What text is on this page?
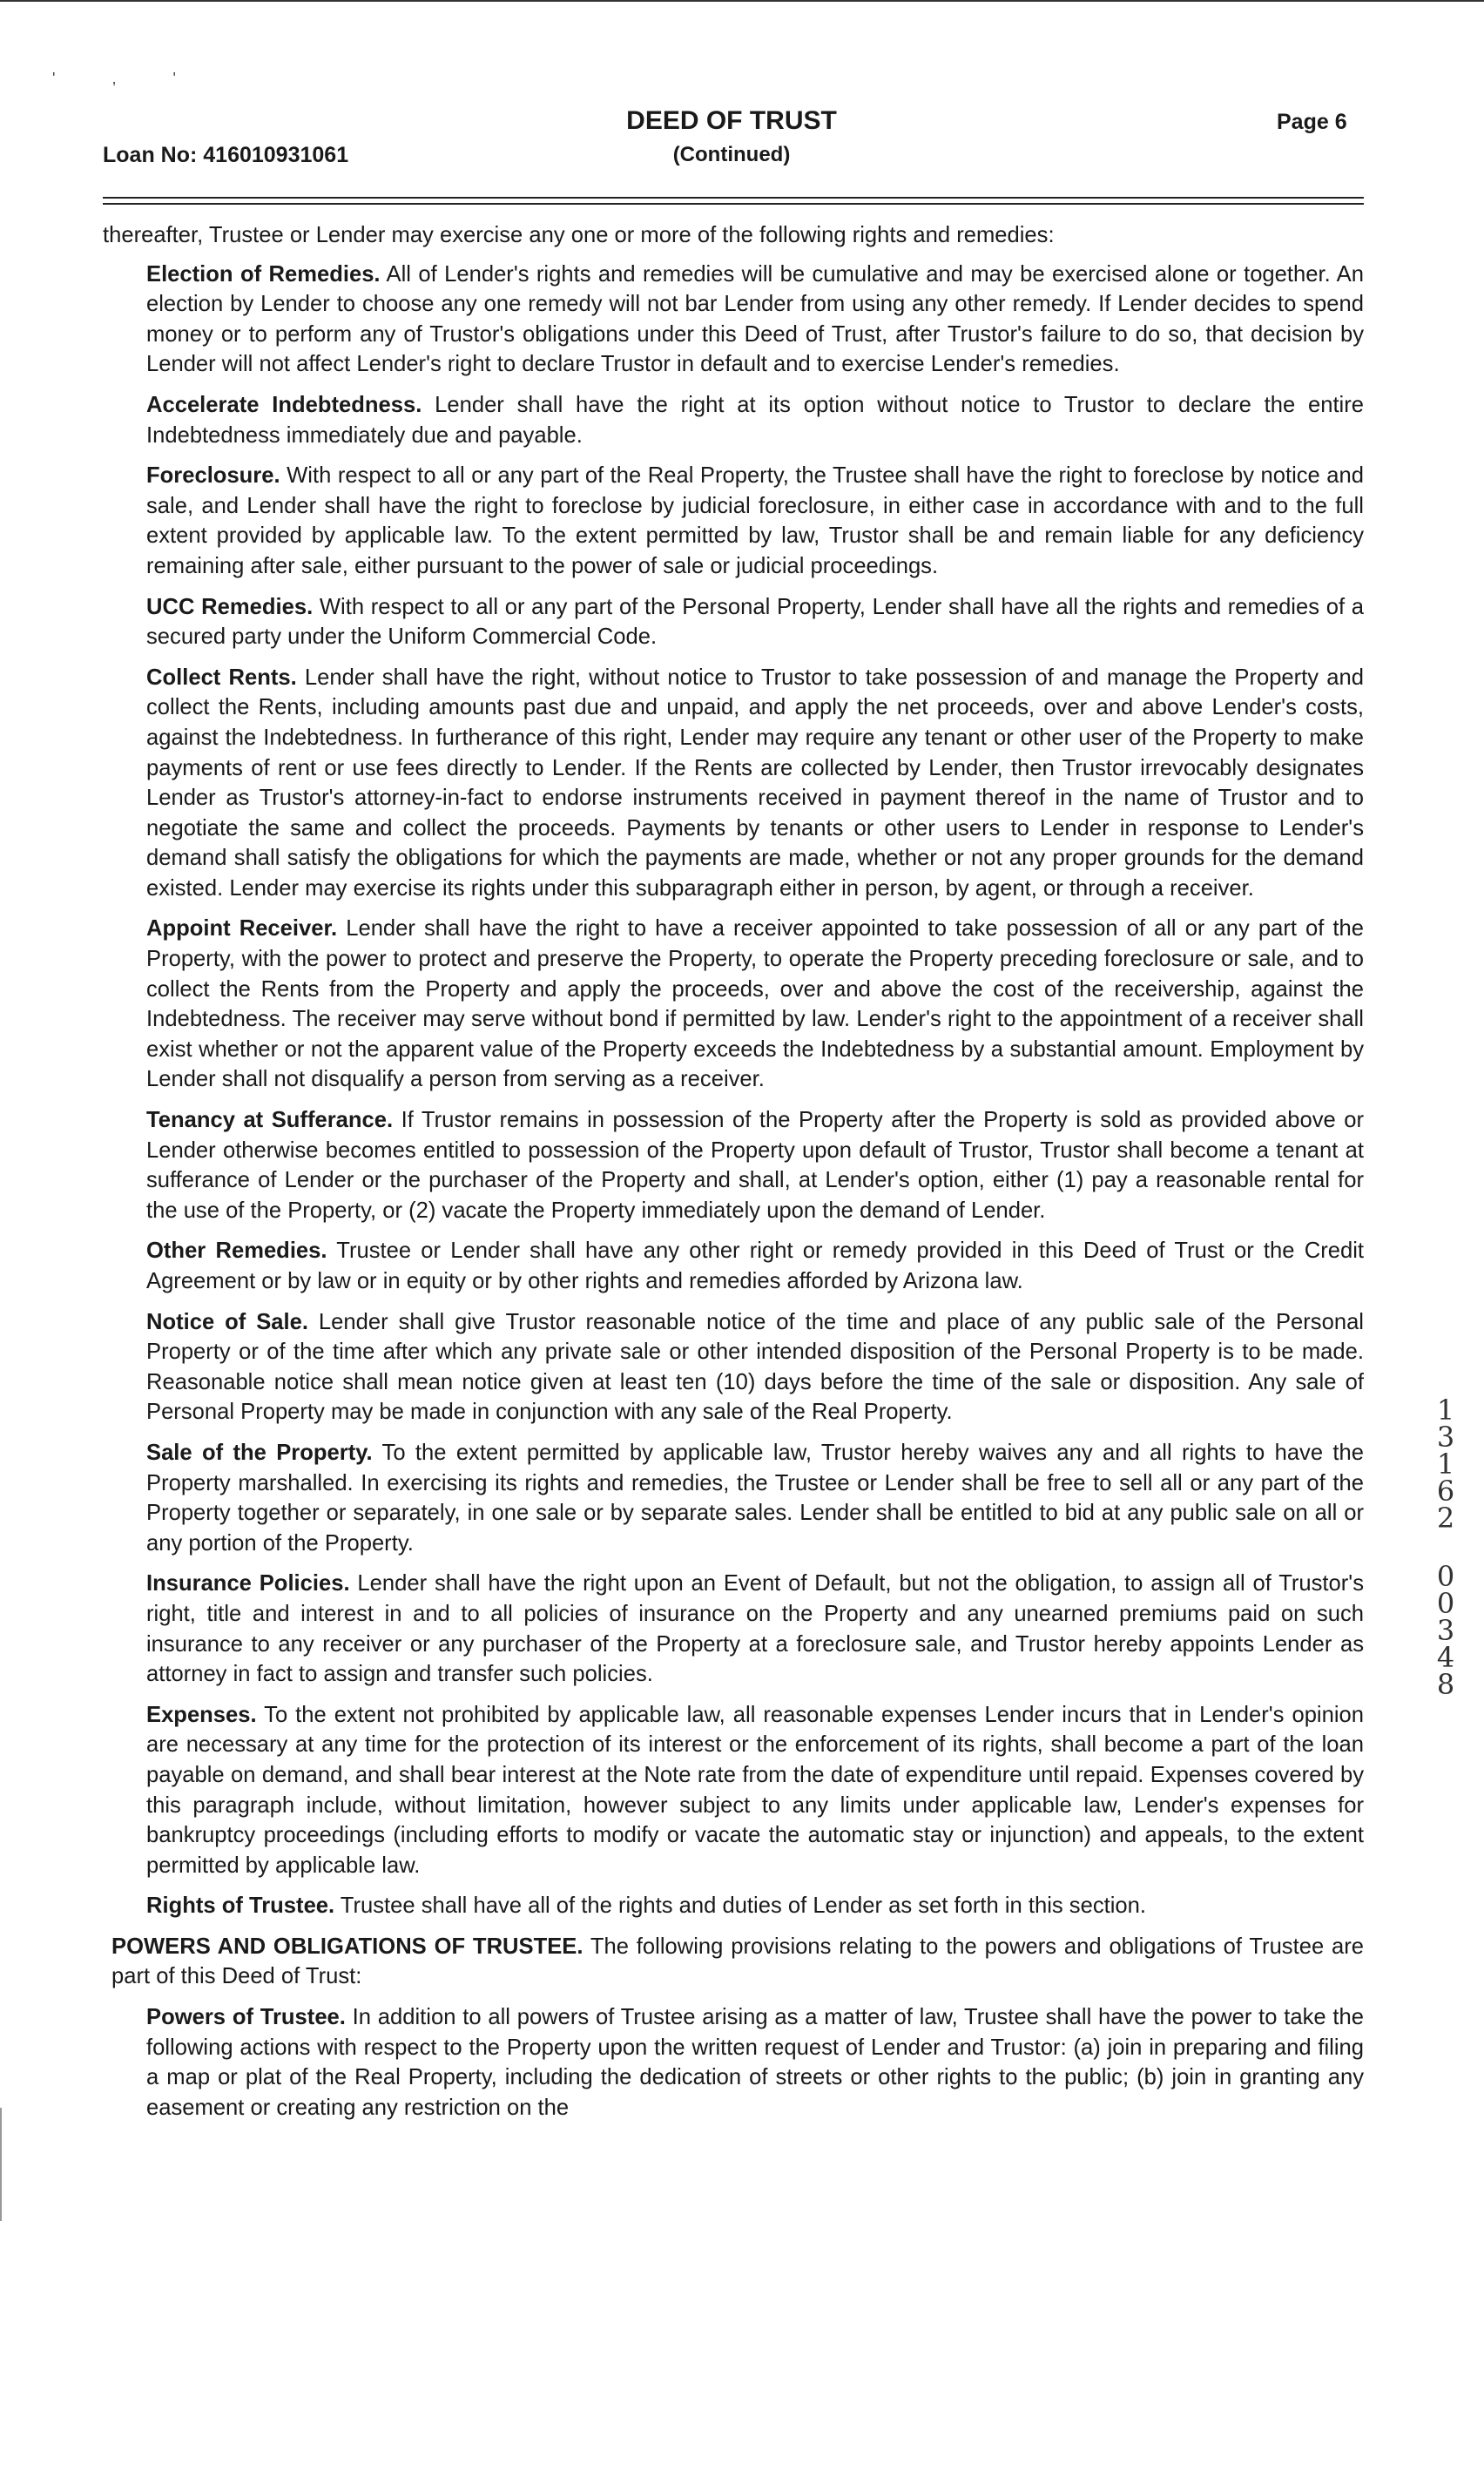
' , '
Loan No: 416010931061
DEED OF TRUST
(Continued)
Page 6

thereafter, Trustee or Lender may exercise any one or more of the following rights and remedies:

Election of Remedies. All of Lender's rights and remedies will be cumulative and may be exercised alone or together. An election by Lender to choose any one remedy will not bar Lender from using any other remedy. If Lender decides to spend money or to perform any of Trustor's obligations under this Deed of Trust, after Trustor's failure to do so, that decision by Lender will not affect Lender's right to declare Trustor in default and to exercise Lender's remedies.

Accelerate Indebtedness. Lender shall have the right at its option without notice to Trustor to declare the entire Indebtedness immediately due and payable.

Foreclosure. With respect to all or any part of the Real Property, the Trustee shall have the right to foreclose by notice and sale, and Lender shall have the right to foreclose by judicial foreclosure, in either case in accordance with and to the full extent provided by applicable law. To the extent permitted by law, Trustor shall be and remain liable for any deficiency remaining after sale, either pursuant to the power of sale or judicial proceedings.

UCC Remedies. With respect to all or any part of the Personal Property, Lender shall have all the rights and remedies of a secured party under the Uniform Commercial Code.

Collect Rents. Lender shall have the right, without notice to Trustor to take possession of and manage the Property and collect the Rents, including amounts past due and unpaid, and apply the net proceeds, over and above Lender's costs, against the Indebtedness. In furtherance of this right, Lender may require any tenant or other user of the Property to make payments of rent or use fees directly to Lender. If the Rents are collected by Lender, then Trustor irrevocably designates Lender as Trustor's attorney-in-fact to endorse instruments received in payment thereof in the name of Trustor and to negotiate the same and collect the proceeds. Payments by tenants or other users to Lender in response to Lender's demand shall satisfy the obligations for which the payments are made, whether or not any proper grounds for the demand existed. Lender may exercise its rights under this subparagraph either in person, by agent, or through a receiver.

Appoint Receiver. Lender shall have the right to have a receiver appointed to take possession of all or any part of the Property, with the power to protect and preserve the Property, to operate the Property preceding foreclosure or sale, and to collect the Rents from the Property and apply the proceeds, over and above the cost of the receivership, against the Indebtedness. The receiver may serve without bond if permitted by law. Lender's right to the appointment of a receiver shall exist whether or not the apparent value of the Property exceeds the Indebtedness by a substantial amount. Employment by Lender shall not disqualify a person from serving as a receiver.

Tenancy at Sufferance. If Trustor remains in possession of the Property after the Property is sold as provided above or Lender otherwise becomes entitled to possession of the Property upon default of Trustor, Trustor shall become a tenant at sufferance of Lender or the purchaser of the Property and shall, at Lender's option, either (1) pay a reasonable rental for the use of the Property, or (2) vacate the Property immediately upon the demand of Lender.

Other Remedies. Trustee or Lender shall have any other right or remedy provided in this Deed of Trust or the Credit Agreement or by law or in equity or by other rights and remedies afforded by Arizona law.

Notice of Sale. Lender shall give Trustor reasonable notice of the time and place of any public sale of the Personal Property or of the time after which any private sale or other intended disposition of the Personal Property is to be made. Reasonable notice shall mean notice given at least ten (10) days before the time of the sale or disposition. Any sale of Personal Property may be made in conjunction with any sale of the Real Property.

Sale of the Property. To the extent permitted by applicable law, Trustor hereby waives any and all rights to have the Property marshalled. In exercising its rights and remedies, the Trustee or Lender shall be free to sell all or any part of the Property together or separately, in one sale or by separate sales. Lender shall be entitled to bid at any public sale on all or any portion of the Property.

Insurance Policies. Lender shall have the right upon an Event of Default, but not the obligation, to assign all of Trustor's right, title and interest in and to all policies of insurance on the Property and any unearned premiums paid on such insurance to any receiver or any purchaser of the Property at a foreclosure sale, and Trustor hereby appoints Lender as attorney in fact to assign and transfer such policies.

Expenses. To the extent not prohibited by applicable law, all reasonable expenses Lender incurs that in Lender's opinion are necessary at any time for the protection of its interest or the enforcement of its rights, shall become a part of the loan payable on demand, and shall bear interest at the Note rate from the date of expenditure until repaid. Expenses covered by this paragraph include, without limitation, however subject to any limits under applicable law, Lender's expenses for bankruptcy proceedings (including efforts to modify or vacate the automatic stay or injunction) and appeals, to the extent permitted by applicable law.

Rights of Trustee. Trustee shall have all of the rights and duties of Lender as set forth in this section.

POWERS AND OBLIGATIONS OF TRUSTEE. The following provisions relating to the powers and obligations of Trustee are part of this Deed of Trust:

Powers of Trustee. In addition to all powers of Trustee arising as a matter of law, Trustee shall have the power to take the following actions with respect to the Property upon the written request of Lender and Trustor: (a) join in preparing and filing a map or plat of the Real Property, including the dedication of streets or other rights to the public; (b) join in granting any easement or creating any restriction on the

1
3
1
6
2
0
0
3
4
8
